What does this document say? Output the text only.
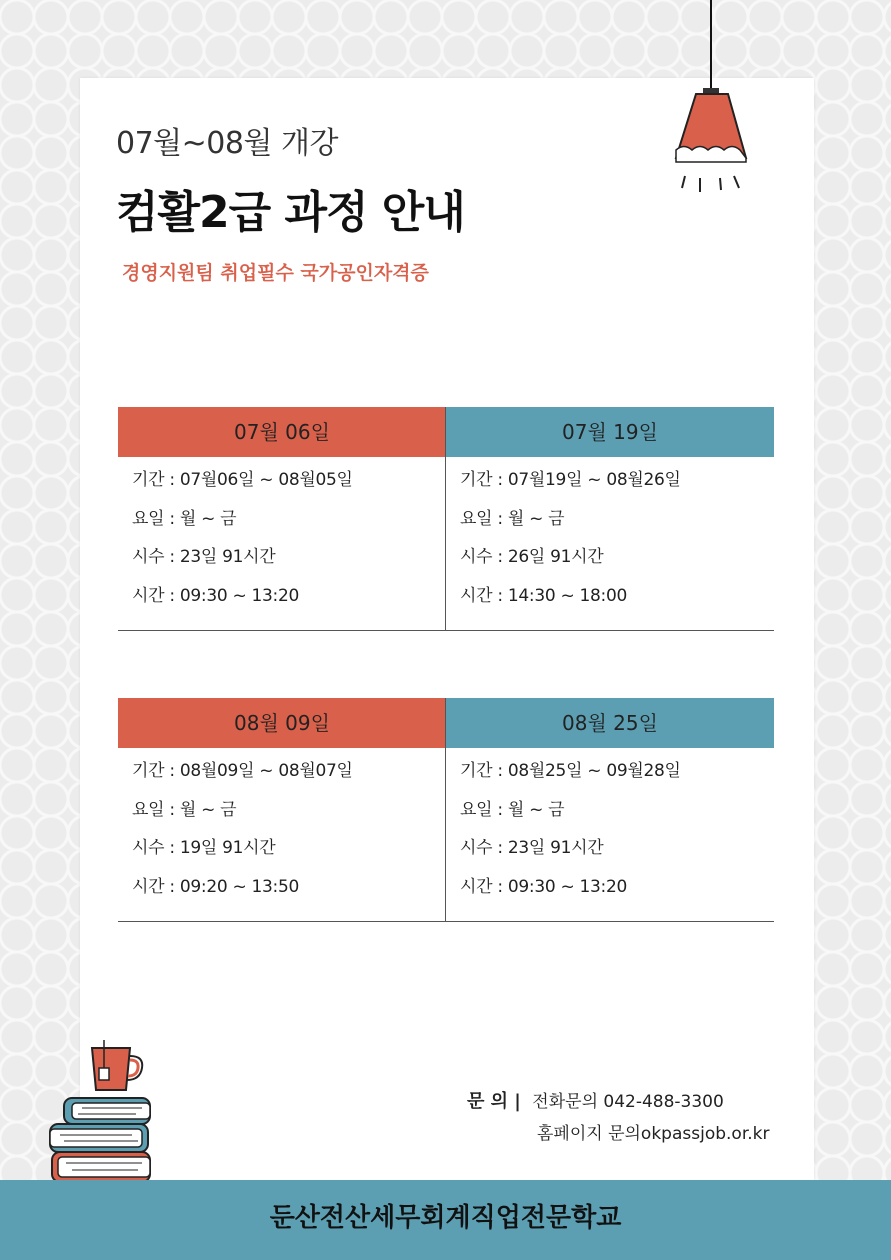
07월~08월 개강
컴활2급 과정 안내
경영지원팀 취업필수 국가공인자격증
07월 06일
기간 : 07월06일 ~ 08월05일
요일 : 월 ~ 금
시수 : 23일 91시간
시간 : 09:30 ~ 13:20
07월 19일
기간 : 07월19일 ~ 08월26일
요일 : 월 ~ 금
시수 : 26일 91시간
시간 : 14:30 ~ 18:00
08월 09일
기간 : 08월09일 ~ 08월07일
요일 : 월 ~ 금
시수 : 19일 91시간
시간 : 09:20 ~ 13:50
08월 25일
기간 : 08월25일 ~ 09월28일
요일 : 월 ~ 금
시수 : 23일 91시간
시간 : 09:30 ~ 13:20
문 의 | 전화문의 042-488-3300
홈페이지 문의okpassjob.or.kr
둔산전산세무회계직업전문학교
